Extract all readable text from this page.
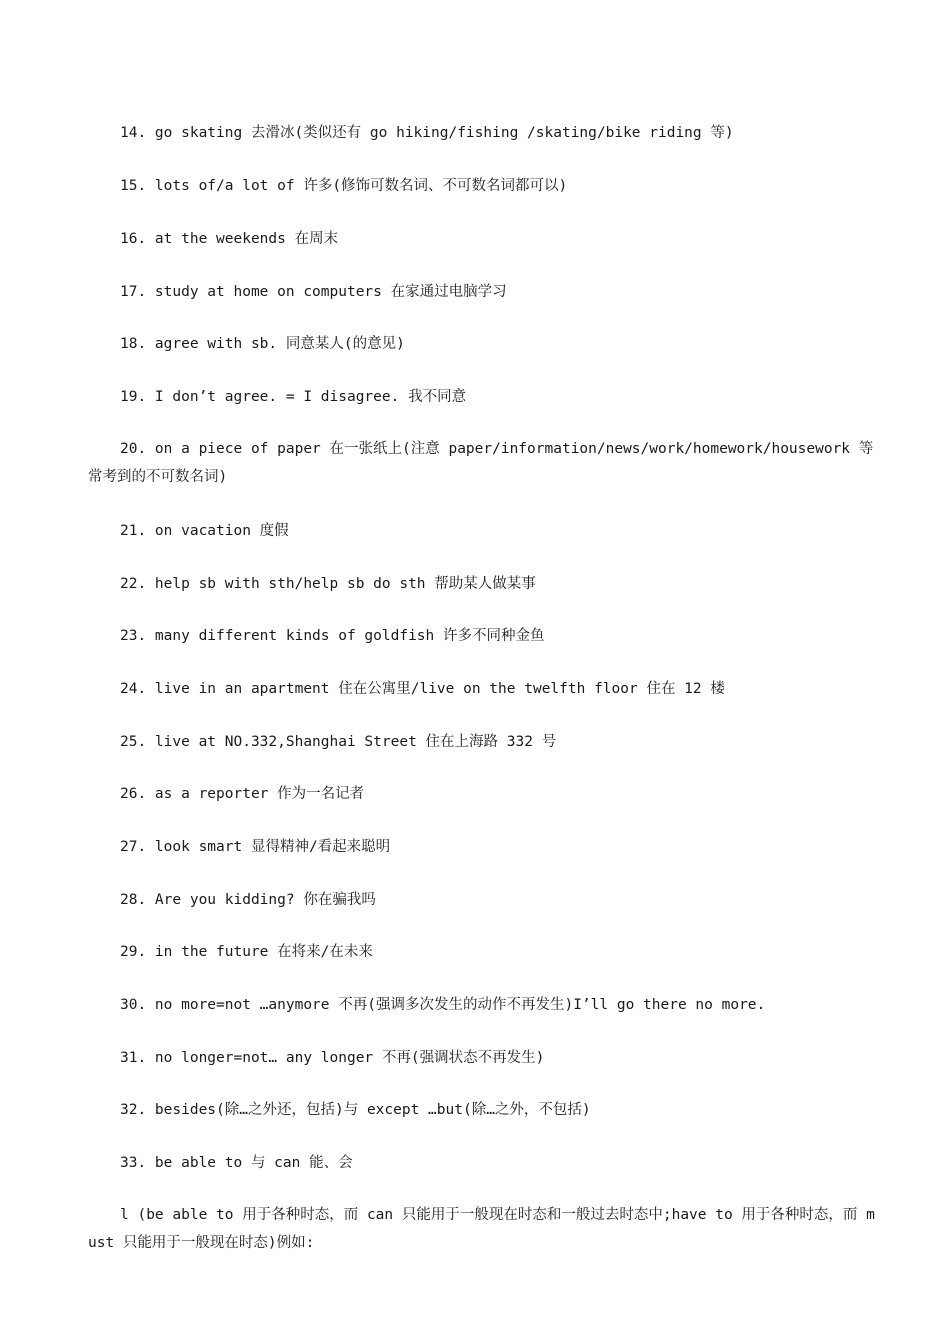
14. go skating 去滑冰(类似还有 go hiking/fishing /skating/bike riding 等)
15. lots of/a lot of 许多(修饰可数名词、不可数名词都可以)
16. at the weekends 在周末
17. study at home on computers 在家通过电脑学习
18. agree with sb. 同意某人(的意见)
19. I don’t agree. = I disagree. 我不同意
20. on a piece of paper 在一张纸上(注意 paper/information/news/work/homework/housework 等常考到的不可数名词)
21. on vacation 度假
22. help sb with sth/help sb do sth 帮助某人做某事
23. many different kinds of goldfish 许多不同种金鱼
24. live in an apartment 住在公寓里/live on the twelfth floor 住在 12 楼
25. live at NO.332,Shanghai Street 住在上海路 332 号
26. as a reporter 作为一名记者
27. look smart 显得精神/看起来聪明
28. Are you kidding? 你在骗我吗
29. in the future 在将来/在未来
30. no more=not …anymore 不再(强调多次发生的动作不再发生)I’ll go there no more.
31. no longer=not… any longer 不再(强调状态不再发生)
32. besides(除…之外还，包括)与 except …but(除…之外，不包括)
33. be able to 与 can 能、会
l (be able to 用于各种时态，而 can 只能用于一般现在时态和一般过去时态中;have to 用于各种时态，而 must 只能用于一般现在时态)例如:
